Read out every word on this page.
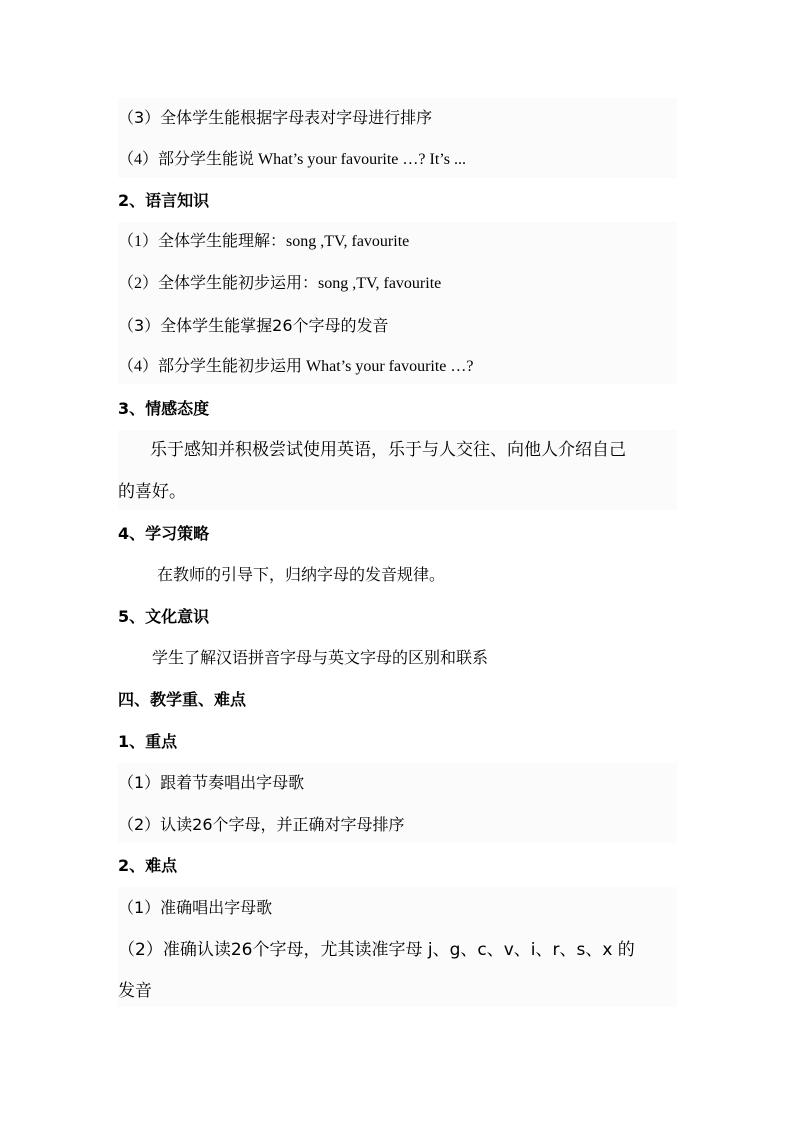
（3）全体学生能根据字母表对字母进行排序
（4）部分学生能说 What’s your favourite …? It’s ...
2、语言知识
（1）全体学生能理解：song ,TV, favourite
（2）全体学生能初步运用：song ,TV, favourite
（3）全体学生能掌握26个字母的发音
（4）部分学生能初步运用 What’s your favourite …?
3、情感态度
乐于感知并积极尝试使用英语，乐于与人交往、向他人介绍自己
的喜好。
4、学习策略
在教师的引导下，归纳字母的发音规律。
5、文化意识
学生了解汉语拼音字母与英文字母的区别和联系
四、教学重、难点
1、重点
（1）跟着节奏唱出字母歌
（2）认读26个字母，并正确对字母排序
2、难点
（1）准确唱出字母歌
（2）准确认读26个字母，尤其读准字母 j、g、c、v、i、r、s、x 的
发音
